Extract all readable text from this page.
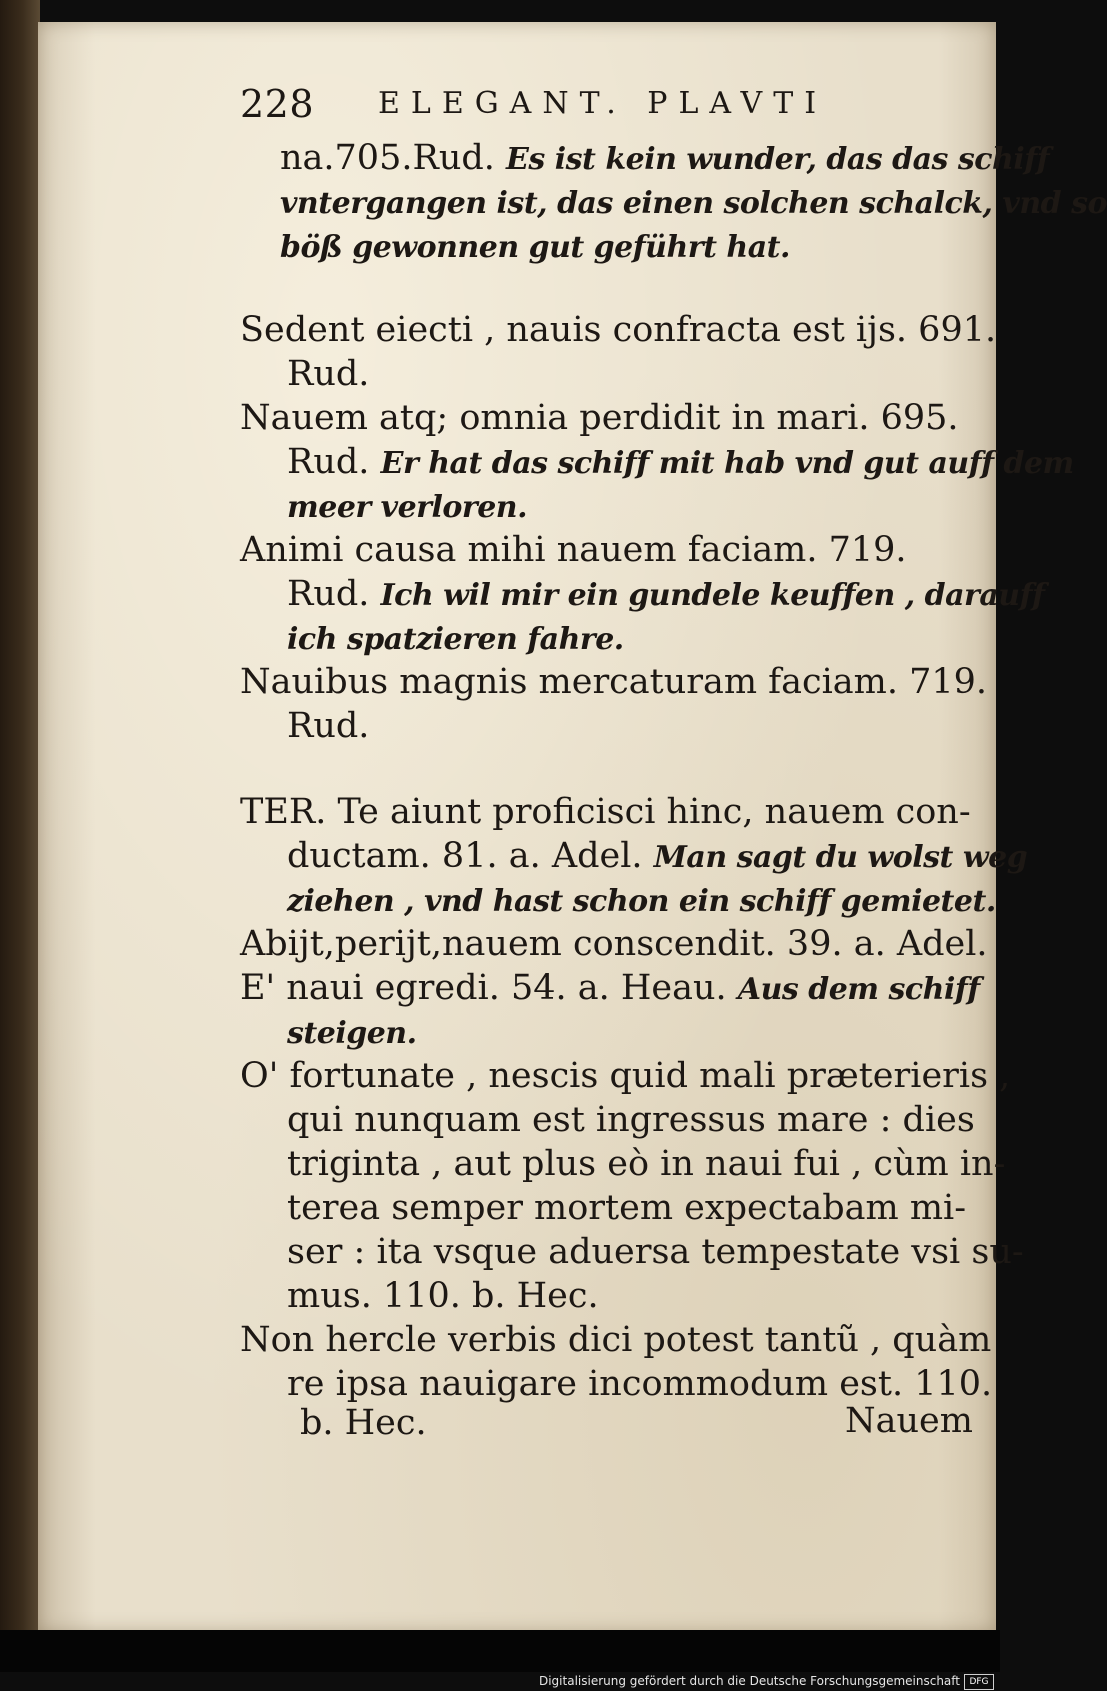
228 ELEGANT. PLAVTI
na.705.Rud. Es ist kein wunder, das das schiff
vntergangen ist, das einen solchen schalck, vnd so
böß gewonnen gut geführt hat.
Sedent eiecti , nauis confracta est ijs. 691.
Rud.
Nauem atq; omnia perdidit in mari. 695.
Rud. Er hat das schiff mit hab vnd gut auff dem
meer verloren.
Animi causa mihi nauem faciam. 719.
Rud. Ich wil mir ein gundele keuffen , darauff
ich spatzieren fahre.
Nauibus magnis mercaturam faciam. 719.
Rud.
TER. Te aiunt proficisci hinc, nauem con-
ductam. 81. a. Adel. Man sagt du wolst weg
ziehen , vnd hast schon ein schiff gemietet.
Abijt,perijt,nauem conscendit. 39. a. Adel.
E' naui egredi. 54. a. Heau. Aus dem schiff
steigen.
O' fortunate , nescis quid mali præterieris ,
qui nunquam est ingressus mare : dies
triginta , aut plus eò in naui fui , cùm in-
terea semper mortem expectabam mi-
ser : ita vsque aduersa tempestate vsi su-
mus. 110. b. Hec.
Non hercle verbis dici potest tantũ , quàm
re ipsa nauigare incommodum est. 110.
b. Hec.	Nauem
Digitalisierung gefördert durch die Deutsche Forschungsgemeinschaft	DFG
